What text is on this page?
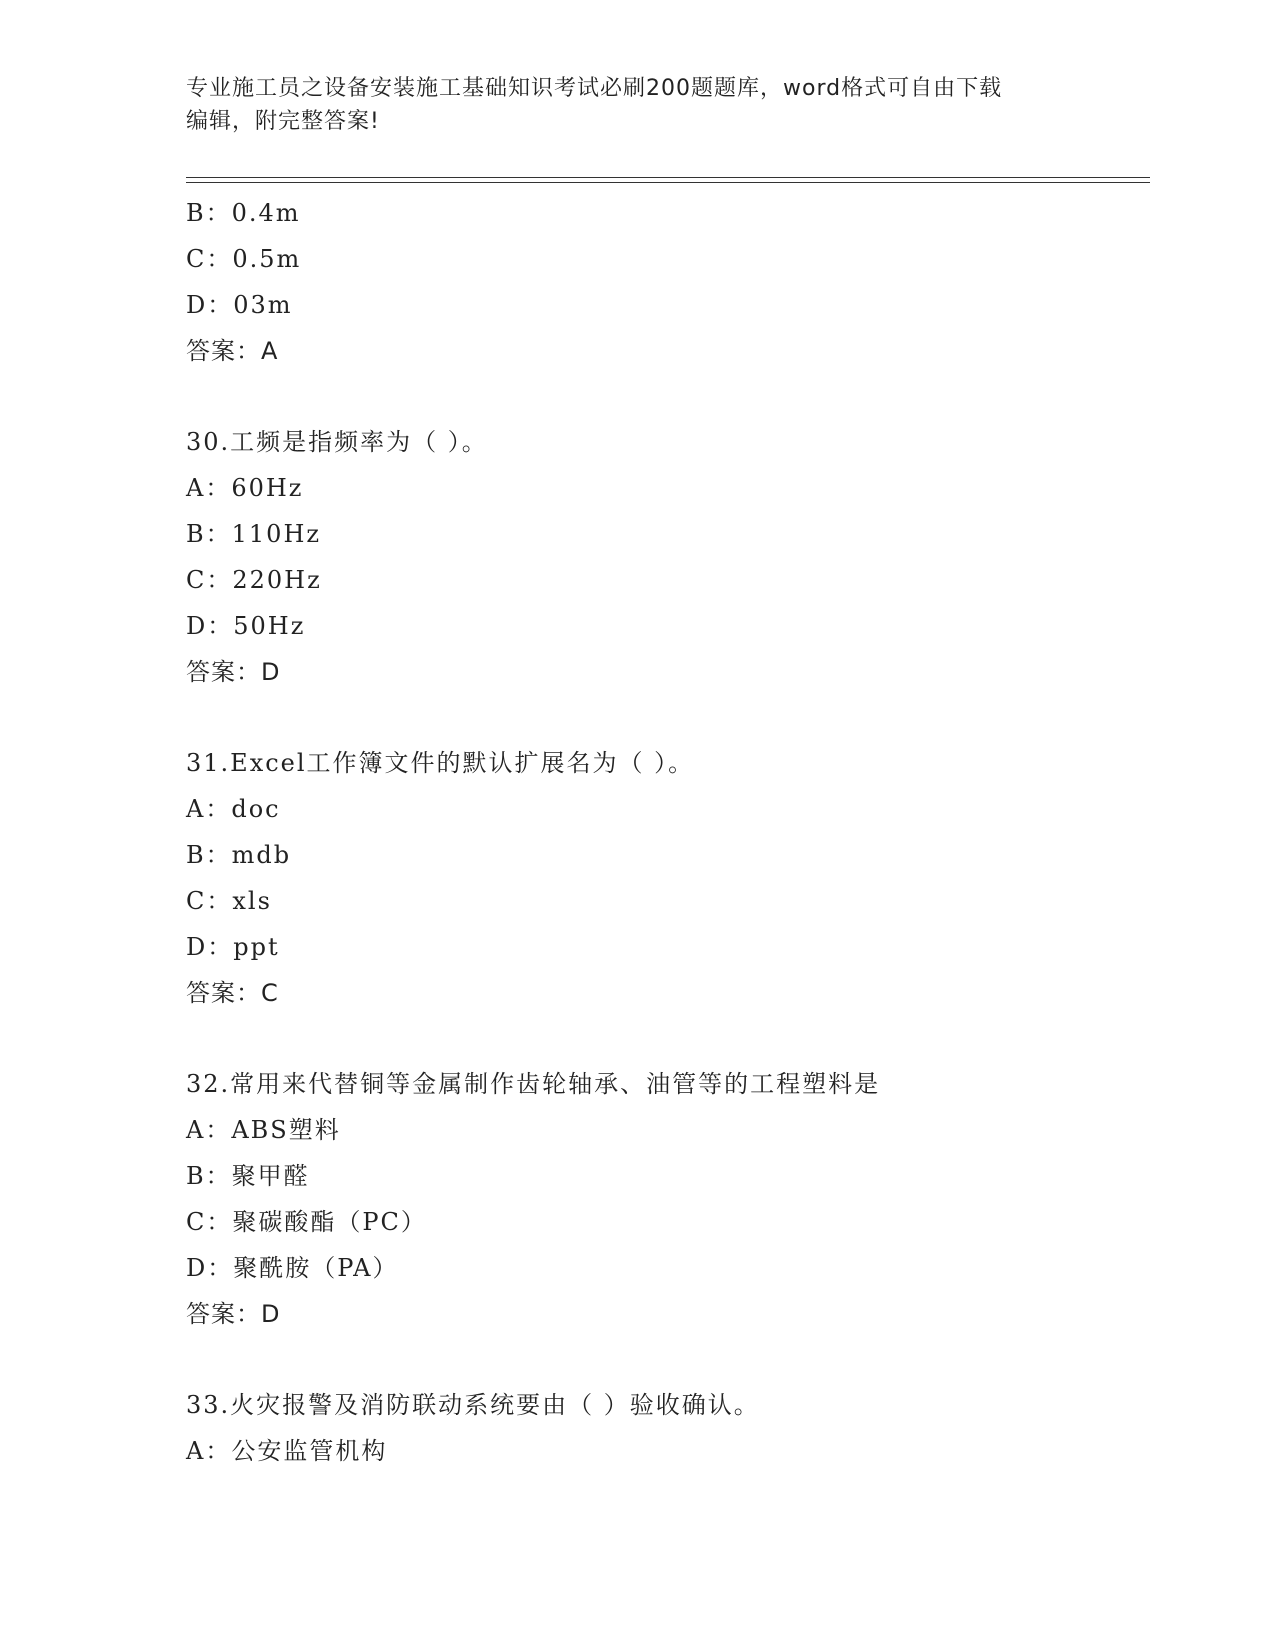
专业施工员之设备安装施工基础知识考试必刷200题题库，word格式可自由下载
编辑，附完整答案!
B：0.4m
C：0.5m
D：03m
答案：A
30.工频是指频率为（ ）。
A：60Hz
B：110Hz
C：220Hz
D：50Hz
答案：D
31.Excel工作簿文件的默认扩展名为（ ）。
A：doc
B：mdb
C：xls
D：ppt
答案：C
32.常用来代替铜等金属制作齿轮轴承、油管等的工程塑料是
A：ABS塑料
B：聚甲醛
C：聚碳酸酯（PC）
D：聚酰胺（PA）
答案：D
33.火灾报警及消防联动系统要由（ ）验收确认。
A：公安监管机构
